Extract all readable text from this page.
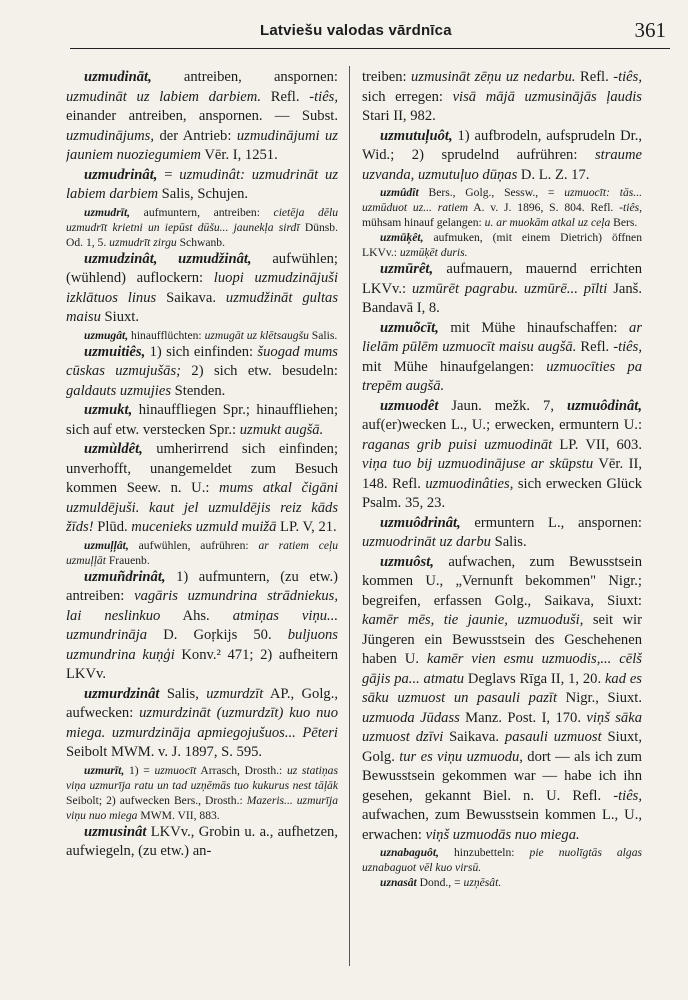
Latviešu valodas vārdnīca	361

uzmudināt, antreiben, anspornen: uzmudināt uz labiem darbiem. Refl. -tiês, einander antreiben, anspornen. — Subst. uzmudinājums, der Antrieb: uzmudinājumi uz jauniem nuoziegumiem Vēr. I, 1251.

uzmudrinât, = uzmudinât: uzmudrināt uz labiem darbiem Salis, Schujen.

uzmudrīt, aufmuntern, antreiben: cietēja dēlu uzmudrīt krietni un iepūst dūšu... jaunekļa sirdī Dünsb. Od. 1, 5. uzmudrīt zirgu Schwanb.

uzmudzinât, uzmudžinât, aufwühlen; (wühlend) auflockern: luopi uzmudzinājuši izklātuos linus Saikava. uzmudžināt gultas maisu Siuxt.

uzmugât, hinaufflüchten: uzmugāt uz klētsaugšu Salis.

uzmuitiês, 1) sich einfinden: šuogad mums cūskas uzmujušās; 2) sich etw. besudeln: galdauts uzmujies Stenden.

uzmukt, hinauffliegen Spr.; hinauffliehen; sich auf etw. verstecken Spr.: uzmukt augšā.

uzmùldêt, umherirrend sich einfinden; unverhofft, unangemeldet zum Besuch kommen Seew. n. U.: mums atkal čigāni uzmuldējuši. kaut jel uzmuldējis reiz kāds žīds! Plūd. mucenieks uzmuld muižā LP. V, 21.

uzmuļļât, aufwühlen, aufrühren: ar ratiem ceļu uzmuļļāt Frauenb.

uzmuñdrinât, 1) aufmuntern, (zu etw.) antreiben: vagāris uzmundrina strādniekus, lai neslinkuo Ahs. atmiņas viņu... uzmundrināja D. Goŗkijs 50. buljuons uzmundrina kuņģi Konv.² 471; 2) aufheitern LKVv.

uzmurdzinât Salis, uzmurdzīt AP., Golg., aufwecken: uzmurdzināt (uzmurdzīt) kuo nuo miega. uzmurdzināja apmiegojušuos... Pēteri Seibolt MWM. v. J. 1897, S. 595.

uzmurīt, 1) = uzmuocīt Arrasch, Drosth.: uz statiņas viņa uzmurīja ratu un tad uzņēmās tuo kukurus nest tāļāk Seibolt; 2) aufwecken Bers., Drosth.: Mazeris... uzmurīja viņu nuo miega MWM. VII, 883.

uzmusinât LKVv., Grobin u. a., aufhetzen, aufwiegeln, (zu etw.) an-

treiben: uzmusināt zēņu uz nedarbu. Refl. -tiês, sich erregen: visā mājā uzmusinājās ļaudis Stari II, 982.

uzmutuļuôt, 1) aufbrodeln, aufsprudeln Dr., Wid.; 2) sprudelnd aufrühren: straume uzvanda, uzmutuļuo dūņas D. L. Z. 17.

uzmûdît Bers., Golg., Sessw., = uzmuocīt: tās... uzmūduot uz... ratiem A. v. J. 1896, S. 804. Refl. -tiês, mühsam hinauf gelangen: u. ar muokām atkal uz ceļa Bers.

uzmūķêt, aufmuken, (mit einem Dietrich) öffnen LKVv.: uzmūķēt duris.

uzmūrêt, aufmauern, mauernd errichten LKVv.: uzmūrēt pagrabu. uzmūrē... pīlti Janš. Bandavā I, 8.

uzmuõcīt, mit Mühe hinaufschaffen: ar lielām pūlēm uzmuocīt maisu augšā. Refl. -tiês, mit Mühe hinaufgelangen: uzmuocīties pa trepēm augšā.

uzmuodêt Jaun. mežk. 7, uzmuôdinât, auf(er)wecken L., U.; erwecken, ermuntern U.: raganas grib puisi uzmuodināt LP. VII, 603. viņa tuo bij uzmuodinājuse ar skūpstu Vēr. II, 148. Refl. uzmuodinâties, sich erwecken Glück Psalm. 35, 23.

uzmuôdrinât, ermuntern L., anspornen: uzmuodrināt uz darbu Salis.

uzmuôst, aufwachen, zum Bewusstsein kommen U., „Vernunft bekommen" Nigr.; begreifen, erfassen Golg., Saikava, Siuxt: kamēr mēs, tie jaunie, uzmuoduši, seit wir Jüngeren ein Bewusstsein des Geschehenen haben U. kamēr vien esmu uzmuodis,... cēlš gājis pa... atmatu Deglavs Rīga II, 1, 20. kad es sāku uzmuost un pasauli pazīt Nigr., Siuxt. uzmuoda Jūdass Manz. Post. I, 170. viņš sāka uzmuost dzīvi Saikava. pasauli uzmuost Siuxt, Golg. tur es viņu uzmuodu, dort — als ich zum Bewusstsein gekommen war — habe ich ihn gesehen, gekannt Biel. n. U. Refl. -tiês, aufwachen, zum Bewusstsein kommen L., U., erwachen: viņš uzmuodās nuo miega.

uznabaguôt, hinzubetteln: pie nuolīgtās algas uznabaguot vēl kuo virsū.

uznasât Dond., = uzņēsât.
